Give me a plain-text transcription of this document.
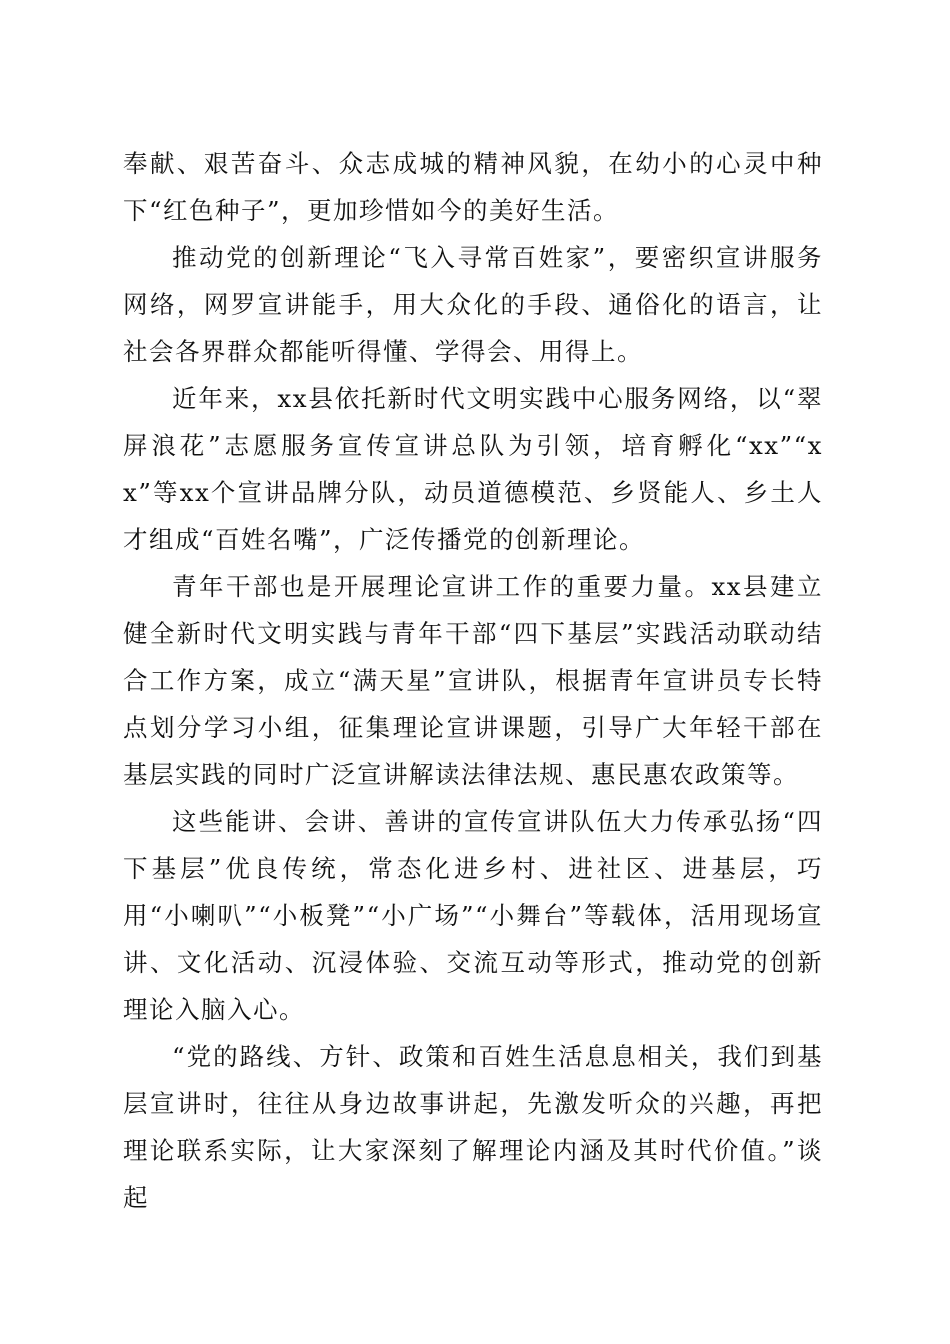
奉献、艰苦奋斗、众志成城的精神风貌，在幼小的心灵中种下“红色种子”，更加珍惜如今的美好生活。

推动党的创新理论“飞入寻常百姓家”，要密织宣讲服务网络，网罗宣讲能手，用大众化的手段、通俗化的语言，让社会各界群众都能听得懂、学得会、用得上。

近年来，xx县依托新时代文明实践中心服务网络，以“翠屏浪花”志愿服务宣传宣讲总队为引领，培育孵化“xx”“xx”等xx个宣讲品牌分队，动员道德模范、乡贤能人、乡土人才组成“百姓名嘴”，广泛传播党的创新理论。

青年干部也是开展理论宣讲工作的重要力量。xx县建立健全新时代文明实践与青年干部“四下基层”实践活动联动结合工作方案，成立“满天星”宣讲队，根据青年宣讲员专长特点划分学习小组，征集理论宣讲课题，引导广大年轻干部在基层实践的同时广泛宣讲解读法律法规、惠民惠农政策等。

这些能讲、会讲、善讲的宣传宣讲队伍大力传承弘扬“四下基层”优良传统，常态化进乡村、进社区、进基层，巧用“小喇叭”“小板凳”“小广场”“小舞台”等载体，活用现场宣讲、文化活动、沉浸体验、交流互动等形式，推动党的创新理论入脑入心。

“党的路线、方针、政策和百姓生活息息相关，我们到基层宣讲时，往往从身边故事讲起，先激发听众的兴趣，再把理论联系实际，让大家深刻了解理论内涵及其时代价值。”谈起
